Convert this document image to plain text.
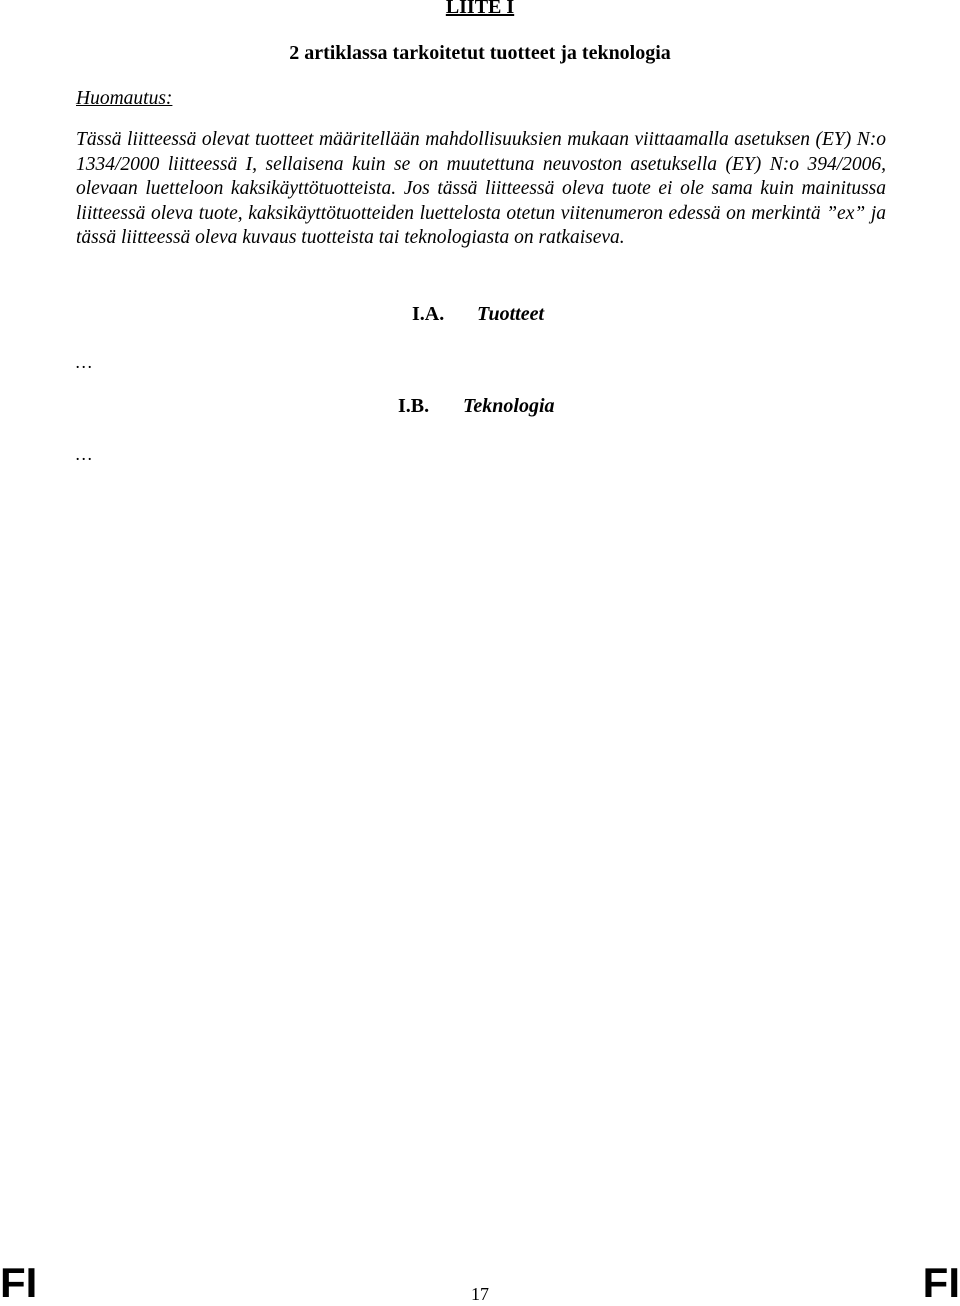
LIITE I
2 artiklassa tarkoitetut tuotteet ja teknologia
Huomautus:
Tässä liitteessä olevat tuotteet määritellään mahdollisuuksien mukaan viittaamalla asetuksen (EY) N:o 1334/2000 liitteessä I, sellaisena kuin se on muutettuna neuvoston asetuksella (EY) N:o 394/2006, olevaan luetteloon kaksikäyttötuotteista. Jos tässä liitteessä oleva tuote ei ole sama kuin mainitussa liitteessä oleva tuote, kaksikäyttötuotteiden luettelosta otetun viitenumeron edessä on merkintä ”ex” ja tässä liitteessä oleva kuvaus tuotteista tai teknologiasta on ratkaiseva.
I.A. Tuotteet
…
I.B. Teknologia
…
FI	17	FI
